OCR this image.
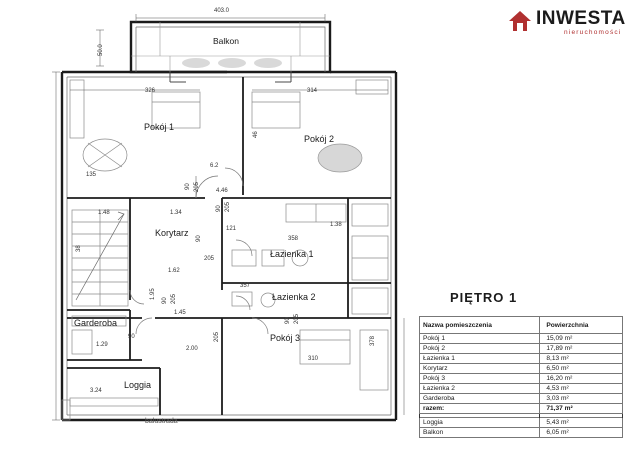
INWESTA
nieruchomości
Balkon
Pokój 1
Pokój 2
Korytarz
Łazienka 1
Łazienka 2
Pokój 3
Garderoba
Loggia
balustrada
403.0
50.0
326	314
135
46
6.2
90 205	4.46
1.48	1.34
90 205
1.38
121
358
90
205
38
1.62
357
1.45
90 205
90 205
1.29
90
2.00
205
310
378
3.24
1.95	PIĘTRO 1
Nazwa pomieszczenia	Powierzchnia
Pokój 1	15,09 m²
Pokój 2	17,89 m²
Łazienka 1	8,13 m²
Korytarz	6,50 m²
Pokój 3	16,20 m²
Łazienka 2	4,53 m²
Garderoba	3,03 m²
razem:	71,37 m²

Loggia	5,43 m²
Balkon	6,05 m²
